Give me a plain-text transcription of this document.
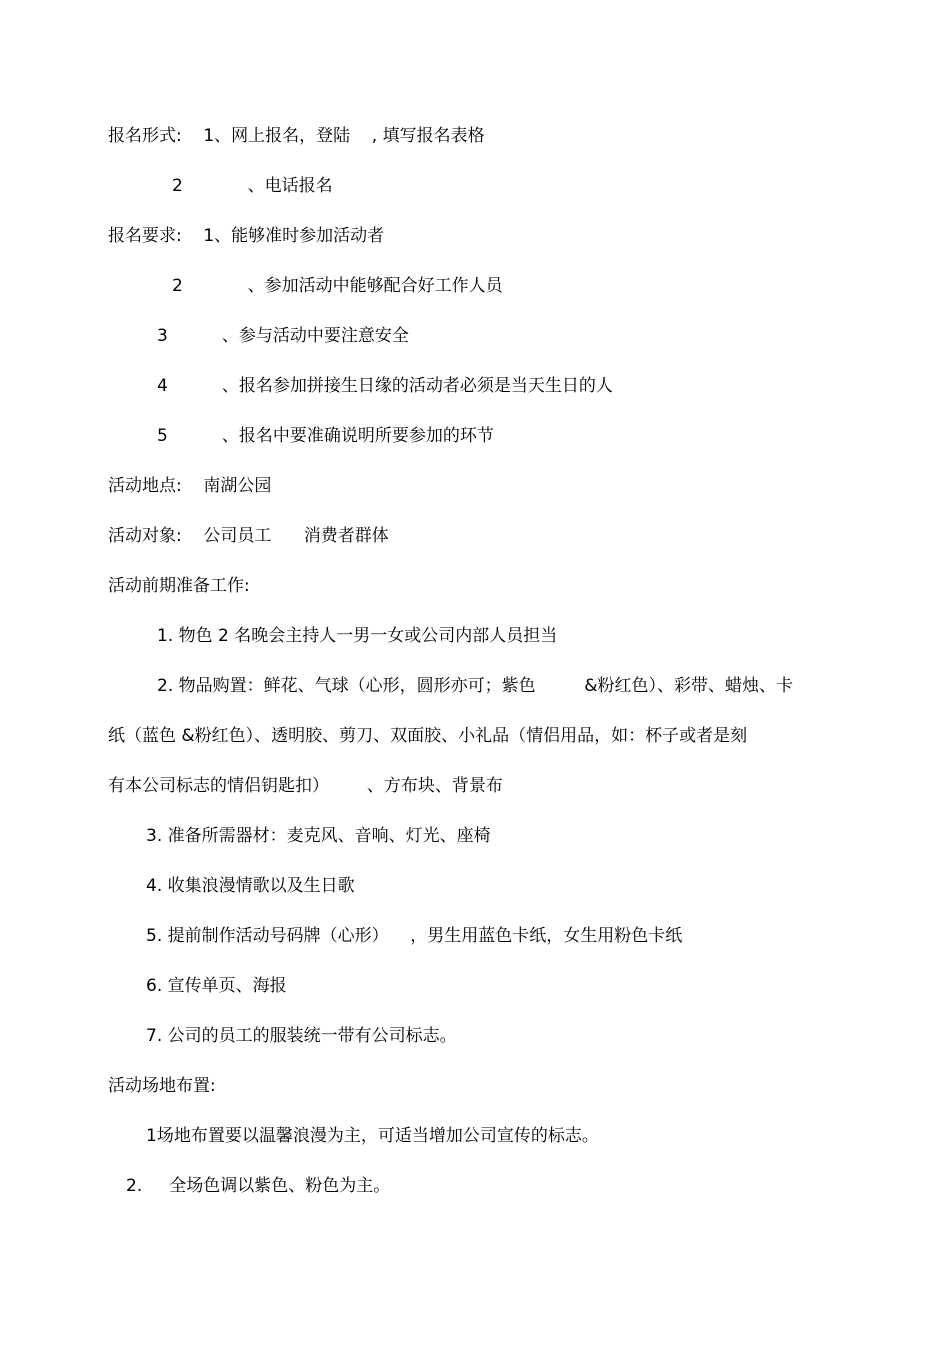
报名形式:    1、网上报名，登陆    , 填写报名表格
2            、电话报名
报名要求:    1、能够准时参加活动者
2            、参加活动中能够配合好工作人员
3          、参与活动中要注意安全
4          、报名参加拼接生日缘的活动者必须是当天生日的人
5          、报名中要准确说明所要参加的环节
活动地点:    南湖公园
活动对象:    公司员工      消费者群体
活动前期准备工作:
1. 物色 2 名晚会主持人一男一女或公司内部人员担当
2. 物品购置：鲜花、气球（心形，圆形亦可；紫色         &粉红色）、彩带、蜡烛、卡
纸（蓝色 &粉红色）、透明胶、剪刀、双面胶、小礼品（情侣用品，如：杯子或者是刻
有本公司标志的情侣钥匙扣）       、方布块、背景布
3. 准备所需器材：麦克风、音响、灯光、座椅
4. 收集浪漫情歌以及生日歌
5. 提前制作活动号码牌（心形）    ，男生用蓝色卡纸，女生用粉色卡纸
6. 宣传单页、海报
7. 公司的员工的服装统一带有公司标志。
活动场地布置:
1场地布置要以温馨浪漫为主，可适当增加公司宣传的标志。
2.     全场色调以紫色、粉色为主。
